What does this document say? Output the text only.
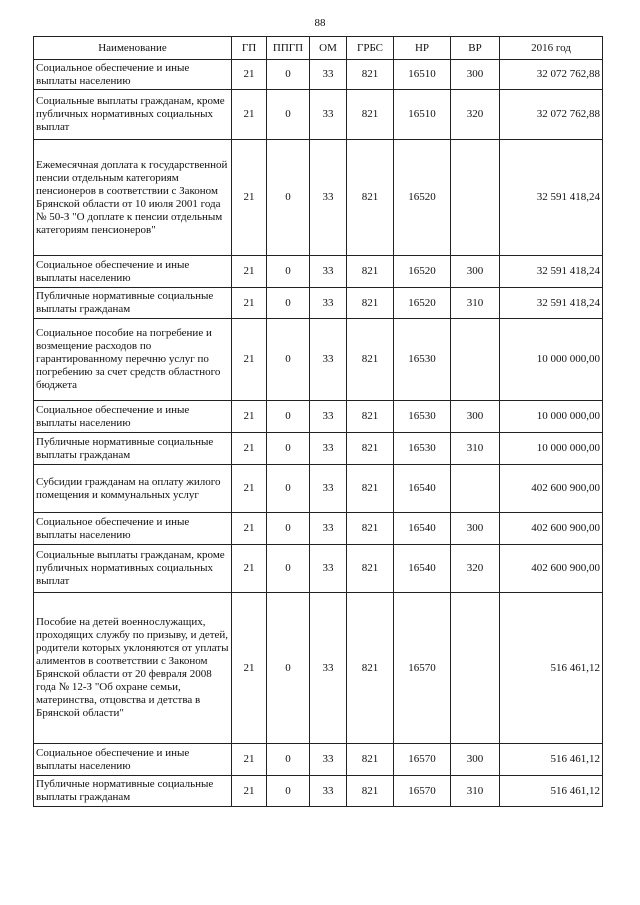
88
Наименование	ГП	ППГП	ОМ	ГРБС	НР	ВР	2016 год
Социальное обеспечение и иные выплаты населению	21	0	33	821	16510	300	32 072 762,88
Социальные выплаты гражданам, кроме публичных нормативных социальных выплат	21	0	33	821	16510	320	32 072 762,88
Ежемесячная доплата к государственной пенсии отдельным категориям пенсионеров в соответствии с Законом Брянской области от 10 июля 2001 года № 50-З "О доплате к пенсии отдельным категориям пенсионеров"	21	0	33	821	16520		32 591 418,24
Социальное обеспечение и иные выплаты населению	21	0	33	821	16520	300	32 591 418,24
Публичные нормативные социальные выплаты гражданам	21	0	33	821	16520	310	32 591 418,24
Социальное пособие на погребение и возмещение расходов по гарантированному перечню услуг по погребению за счет средств областного бюджета	21	0	33	821	16530		10 000 000,00
Социальное обеспечение и иные выплаты населению	21	0	33	821	16530	300	10 000 000,00
Публичные нормативные социальные выплаты гражданам	21	0	33	821	16530	310	10 000 000,00
Субсидии гражданам на оплату жилого помещения и коммунальных услуг	21	0	33	821	16540		402 600 900,00
Социальное обеспечение и иные выплаты населению	21	0	33	821	16540	300	402 600 900,00
Социальные выплаты гражданам, кроме публичных нормативных социальных выплат	21	0	33	821	16540	320	402 600 900,00
Пособие на детей военнослужащих, проходящих службу по призыву, и детей, родители которых уклоняются от уплаты алиментов в соответствии с Законом Брянской области от 20 февраля 2008 года № 12-З "Об охране семьи, материнства, отцовства и детства в Брянской области"	21	0	33	821	16570		516 461,12
Социальное обеспечение и иные выплаты населению	21	0	33	821	16570	300	516 461,12
Публичные нормативные социальные выплаты гражданам	21	0	33	821	16570	310	516 461,12
